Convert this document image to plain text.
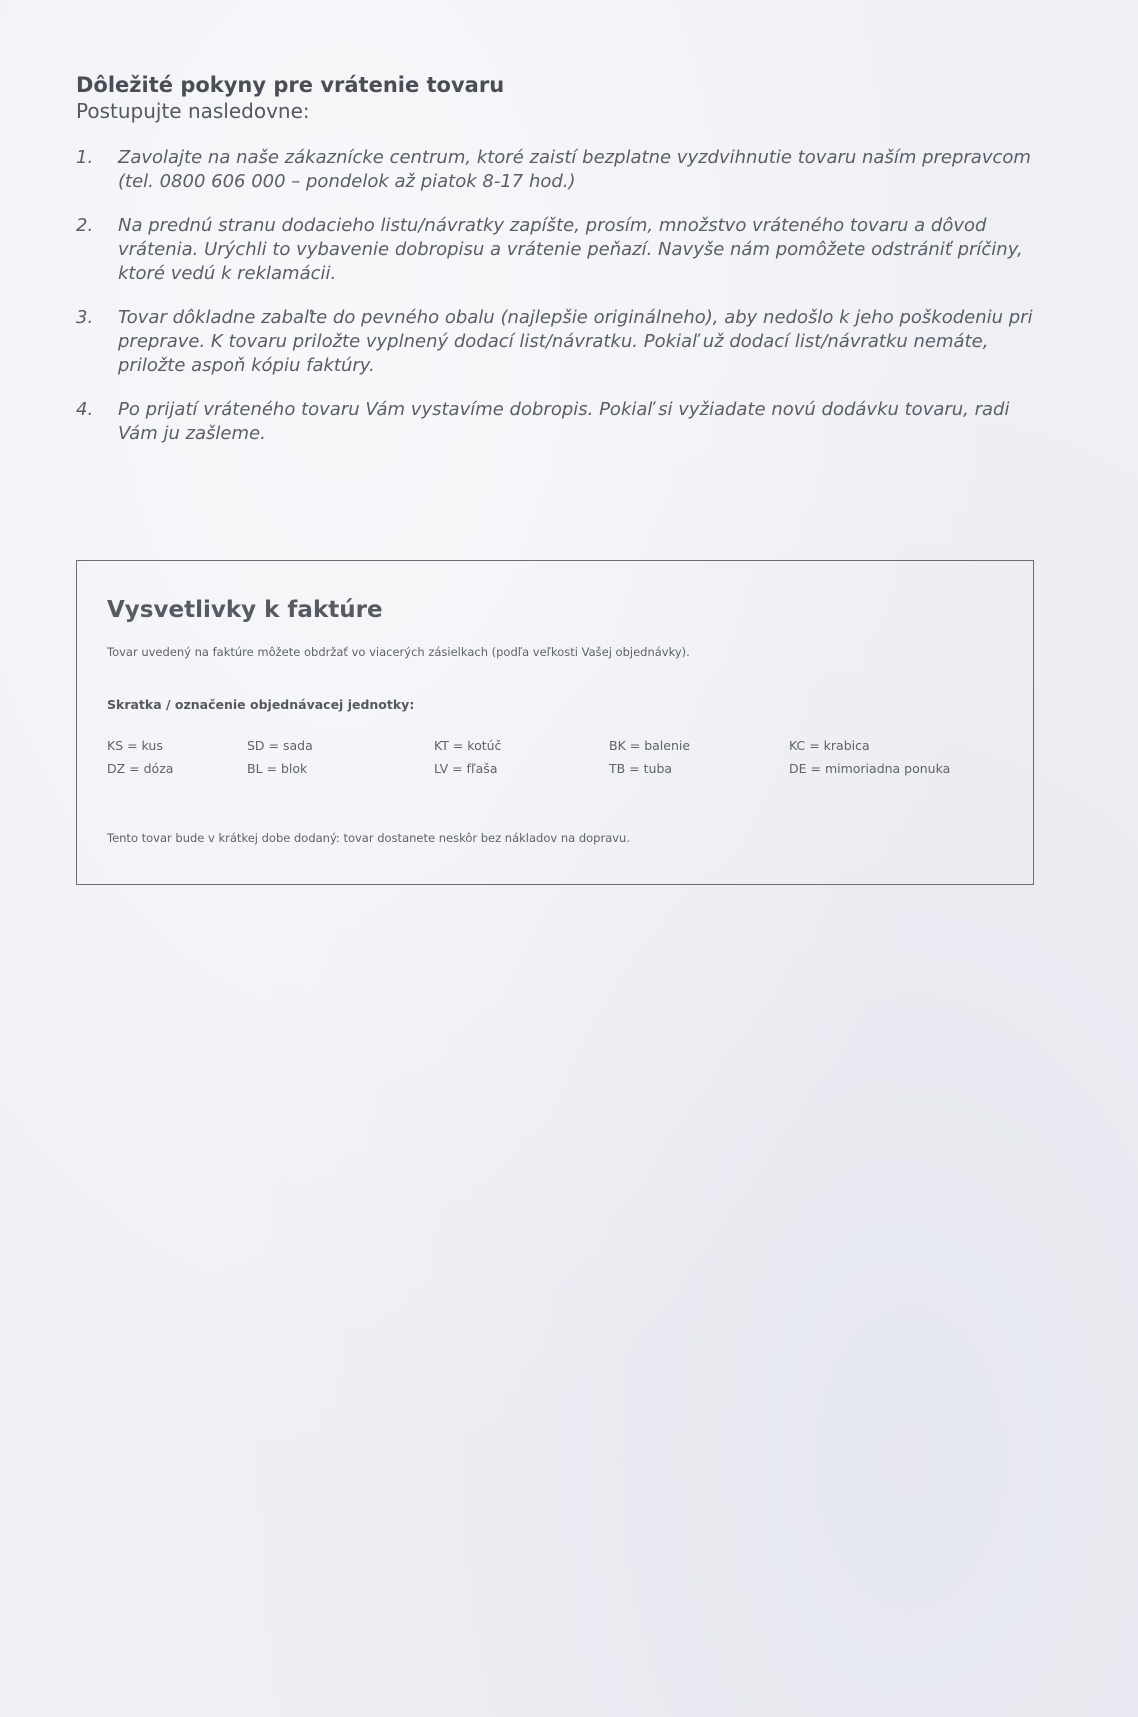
Dôležité pokyny pre vrátenie tovaru

Postupujte nasledovne:

1. Zavolajte na naše zákaznícke centrum, ktoré zaistí bezplatne vyzdvihnutie tovaru naším prepravcom (tel. 0800 606 000 – pondelok až piatok 8-17 hod.)
2. Na prednú stranu dodacieho listu/návratky zapíšte, prosím, množstvo vráteného tovaru a dôvod vrátenia. Urýchli to vybavenie dobropisu a vrátenie peňazí. Navyše nám pomôžete odstrániť príčiny, ktoré vedú k reklamácii.
3. Tovar dôkladne zabaľte do pevného obalu (najlepšie originálneho), aby nedošlo k jeho poškodeniu pri preprave. K tovaru priložte vyplnený dodací list/návratku. Pokiaľ už dodací list/návratku nemáte, priložte aspoň kópiu faktúry.
4. Po prijatí vráteného tovaru Vám vystavíme dobropis. Pokiaľ si vyžiadate novú dodávku tovaru, radi Vám ju zašleme.
Vysvetlivky k faktúre

Tovar uvedený na faktúre môžete obdržať vo viacerých zásielkach (podľa veľkosti Vašej objednávky).

Skratka / označenie objednávacej jednotky:

KS = kus	SD = sada	KT = kotúč	BK = balenie	KC = krabica
DZ = dóza	BL = blok	LV = fľaša	TB = tuba	DE = mimoriadna ponuka

Tento tovar bude v krátkej dobe dodaný: tovar dostanete neskôr bez nákladov na dopravu.
